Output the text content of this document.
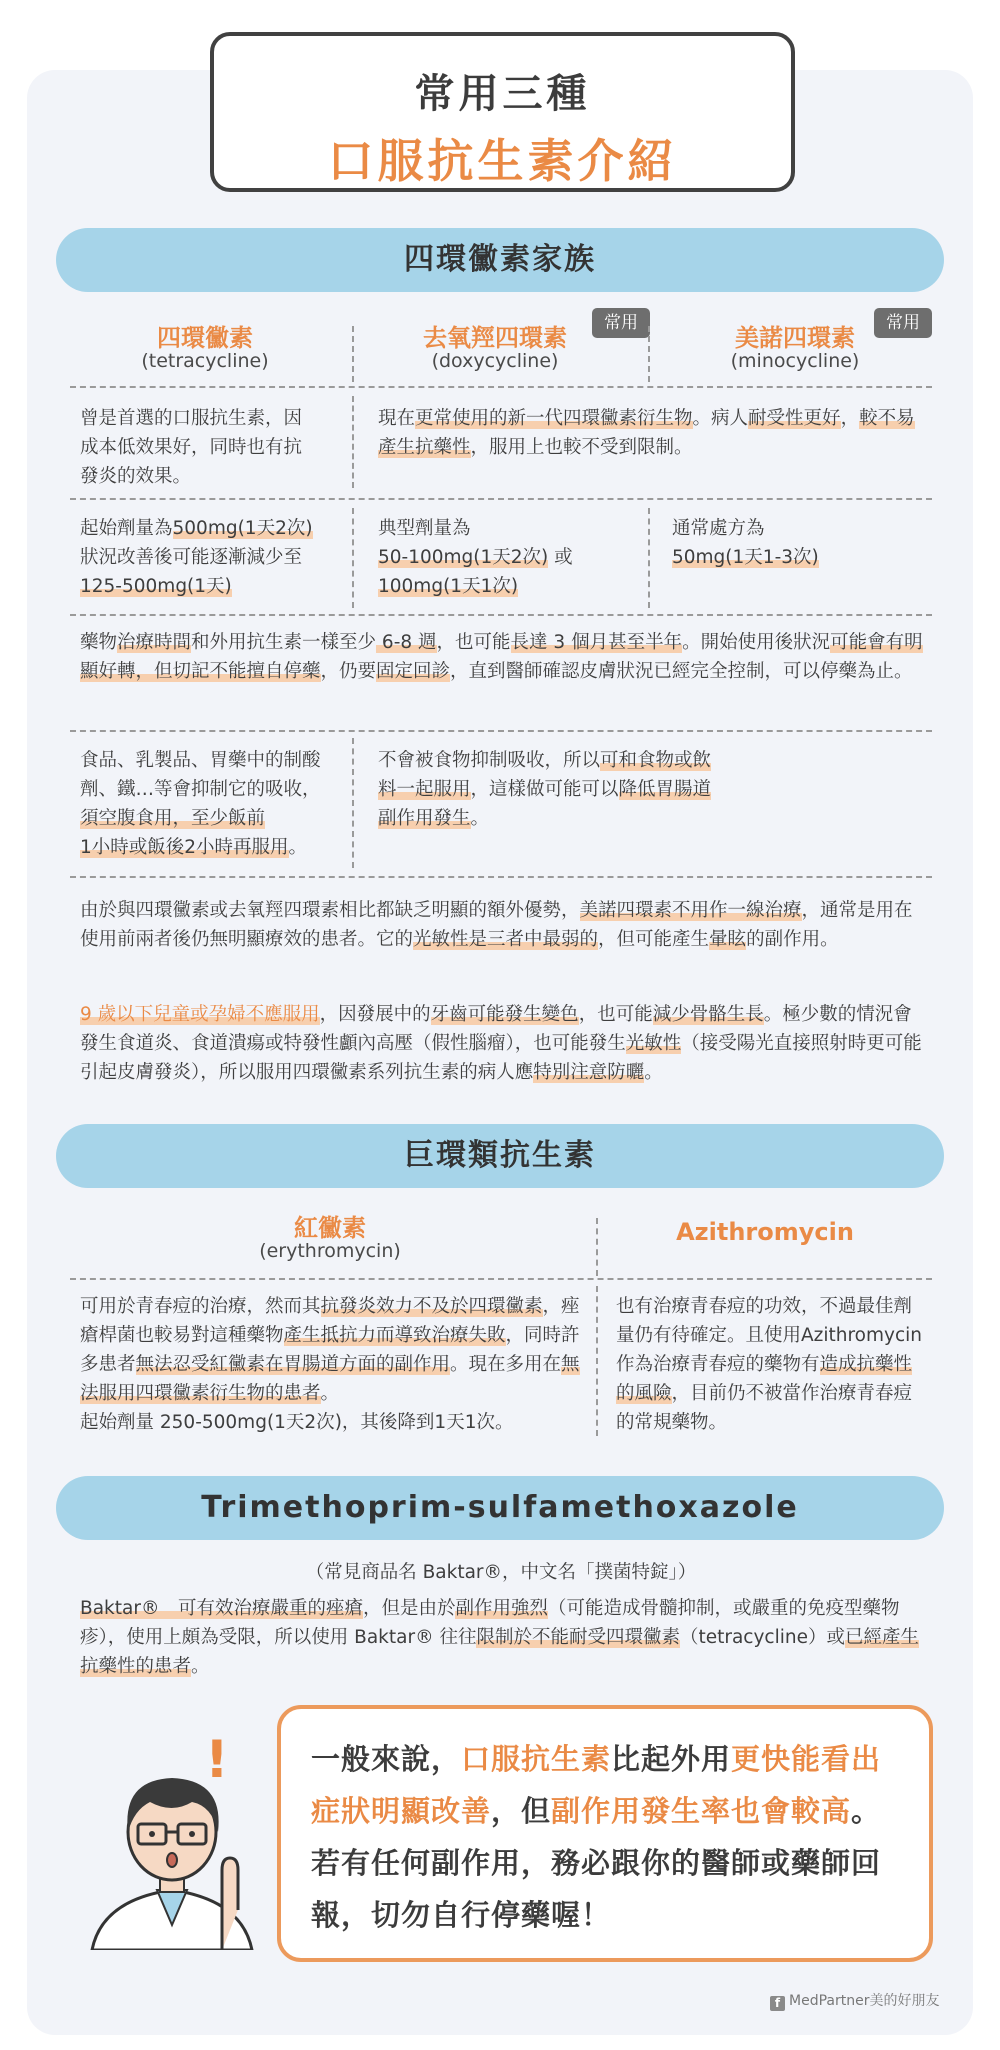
常用三種
口服抗生素介紹
四環黴素家族
四環黴素
(tetracycline)
去氧羥四環素
(doxycycline)
常用
美諾四環素
(minocycline)
常用
曾是首選的口服抗生素，因
成本低效果好，同時也有抗
發炎的效果。
現在更常使用的新一代四環黴素衍生物。病人耐受性更好，較不易產生抗藥性，服用上也較不受到限制。
起始劑量為500mg(1天2次)
狀況改善後可能逐漸減少至
125-500mg(1天)
典型劑量為
50-100mg(1天2次) 或
100mg(1天1次)
通常處方為
50mg(1天1-3次)
藥物治療時間和外用抗生素一樣至少 6-8 週，也可能長達 3 個月甚至半年。開始使用後狀況可能會有明顯好轉，但切記不能擅自停藥，仍要固定回診，直到醫師確認皮膚狀況已經完全控制，可以停藥為止。
食品、乳製品、胃藥中的制酸劑、鐵…等會抑制它的吸收，須空腹食用，至少飯前
1小時或飯後2小時再服用。
不會被食物抑制吸收，所以可和食物或飲
料一起服用，這樣做可能可以降低胃腸道
副作用發生。
由於與四環黴素或去氧羥四環素相比都缺乏明顯的額外優勢，美諾四環素不用作一線治療，通常是用在使用前兩者後仍無明顯療效的患者。它的光敏性是三者中最弱的，但可能產生暈眩的副作用。
9 歲以下兒童或孕婦不應服用，因發展中的牙齒可能發生變色，也可能減少骨骼生長。極少數的情況會發生食道炎、食道潰瘍或特發性顱內高壓（假性腦瘤），也可能發生光敏性（接受陽光直接照射時更可能引起皮膚發炎），所以服用四環黴素系列抗生素的病人應特別注意防曬。
巨環類抗生素
紅黴素
(erythromycin)
Azithromycin
可用於青春痘的治療，然而其抗發炎效力不及於四環黴素，痤瘡桿菌也較易對這種藥物產生抵抗力而導致治療失敗，同時許多患者無法忍受紅黴素在胃腸道方面的副作用。現在多用在無法服用四環黴素衍生物的患者。
起始劑量 250-500mg(1天2次)，其後降到1天1次。
也有治療青春痘的功效，不過最佳劑量仍有待確定。且使用Azithromycin 作為治療青春痘的藥物有造成抗藥性的風險，目前仍不被當作治療青春痘的常規藥物。
Trimethoprim-sulfamethoxazole
（常見商品名 Baktar®，中文名「撲菌特錠」）
Baktar®　可有效治療嚴重的痤瘡，但是由於副作用強烈（可能造成骨髓抑制，或嚴重的免疫型藥物疹），使用上頗為受限，所以使用 Baktar® 往往限制於不能耐受四環黴素（tetracycline）或已經產生抗藥性的患者。
!	一般來說，口服抗生素比起外用更快能看出症狀明顯改善，但副作用發生率也會較高。若有任何副作用，務必跟你的醫師或藥師回報，切勿自行停藥喔！
f MedPartner美的好朋友
